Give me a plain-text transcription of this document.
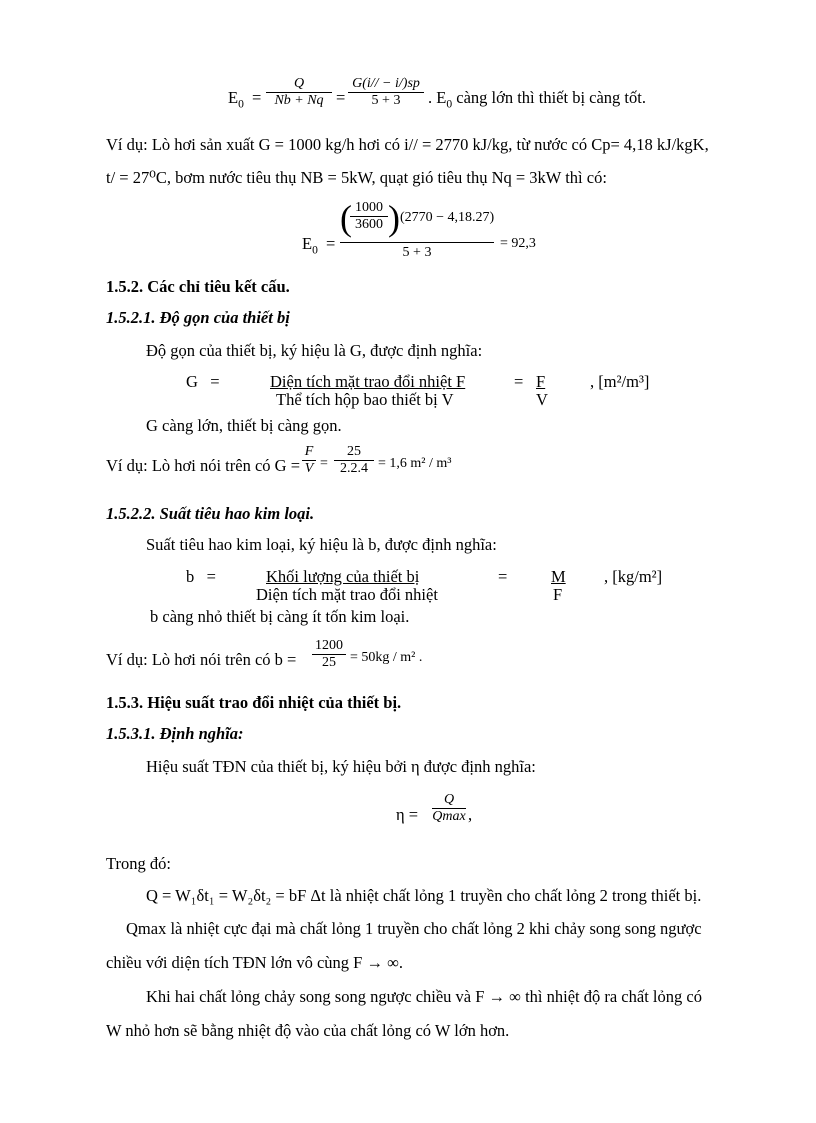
$E_0$ =
Q
Nb + Nq =
G(i// − i/)sp
5 + 3	. $E_0$ càng lớn thì thiết bị càng tốt.
Ví dụ: Lò hơi sản xuất G = 1000 kg/h hơi có i// = 2770 kJ/kg, từ nước có Cp= 4,18 kJ/kgK,
t/ = 27⁰C, bơm nước tiêu thụ NB = 5kW, quạt gió tiêu thụ Nq = 3kW thì có:
$E_0$ =
( 1000
3600 ) (2770 − 4,18.27)
5 + 3
= 92,3
1.5.2. Các chỉ tiêu kết cấu.
1.5.2.1. Độ gọn của thiết bị
Độ gọn của thiết bị, ký hiệu là G, được định nghĩa:
G   =	Diện tích mặt trao đổi nhiệt F
Thể tích hộp bao thiết bị V
= F
V
, [m²/m³]
G càng lớn, thiết bị càng gọn.
Ví dụ: Lò hơi nói trên có G =
F
V =
25
2.2.4 = 1,6 m² / m³
1.5.2.2. Suất tiêu hao kim loại.
Suất tiêu hao kim loại, ký hiệu là b, được định nghĩa:
b   =	Khối lượng của thiết bị
Diện tích mặt trao đổi nhiệt
=	M
F
, [kg/m²]
b càng nhỏ thiết bị càng ít tốn kim loại.
Ví dụ: Lò hơi nói trên có b =
1200
25	= 50kg / m² .
1.5.3. Hiệu suất trao đổi nhiệt của thiết bị.
1.5.3.1. Định nghĩa:
Hiệu suất TĐN của thiết bị, ký hiệu bởi η được định nghĩa:
η =
Q
Qmax ,
Trong đó:
Q = W₁δt₁ = W₂δt₂ = bF Δt là nhiệt chất lỏng 1 truyền cho chất lỏng 2 trong thiết bị.
Qmax là nhiệt cực đại mà chất lỏng 1 truyền cho chất lỏng 2 khi chảy song song ngược
chiều với diện tích TĐN lớn vô cùng F → ∞.
Khi hai chất lỏng chảy song song ngược chiều và F → ∞ thì nhiệt độ ra chất lỏng có
W nhỏ hơn sẽ bằng nhiệt độ vào của chất lỏng có W lớn hơn.
